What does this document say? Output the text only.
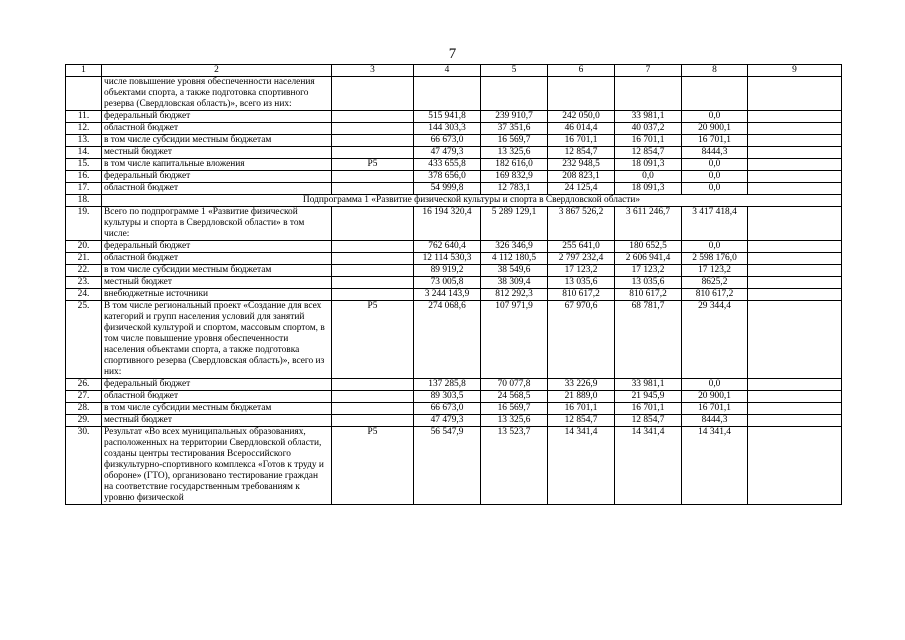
7
1	2	3	4	5	6	7	8	9
	числе повышение уровня обеспеченности населения объектами спорта, а также подготовка спортивного резерва (Свердловская область)», всего из них:							
11.	федеральный бюджет		515 941,8	239 910,7	242 050,0	33 981,1	0,0	
12.	областной бюджет		144 303,3	37 351,6	46 014,4	40 037,2	20 900,1	
13.	в том числе субсидии местным бюджетам		66 673,0	16 569,7	16 701,1	16 701,1	16 701,1	
14.	местный бюджет		47 479,3	13 325,6	12 854,7	12 854,7	8444,3	
15.	в том числе капитальные вложения	P5	433 655,8	182 616,0	232 948,5	18 091,3	0,0	
16.	федеральный бюджет		378 656,0	169 832,9	208 823,1	0,0	0,0	
17.	областной бюджет		54 999,8	12 783,1	24 125,4	18 091,3	0,0	
18.	Подпрограмма 1 «Развитие физической культуры и спорта в Свердловской области»							
19.	Всего по подпрограмме 1 «Развитие физической культуры и спорта в Свердловской области» в том числе:		16 194 320,4	5 289 129,1	3 867 526,2	3 611 246,7	3 417 418,4	
20.	федеральный бюджет		762 640,4	326 346,9	255 641,0	180 652,5	0,0	
21.	областной бюджет		12 114 530,3	4 112 180,5	2 797 232,4	2 606 941,4	2 598 176,0	
22.	в том числе субсидии местным бюджетам		89 919,2	38 549,6	17 123,2	17 123,2	17 123,2	
23.	местный бюджет		73 005,8	38 309,4	13 035,6	13 035,6	8625,2	
24.	внебюджетные источники		3 244 143,9	812 292,3	810 617,2	810 617,2	810 617,2	
25.	В том числе региональный проект «Создание для всех категорий и групп населения условий для занятий физической культурой и спортом, массовым спортом, в том числе повышение уровня обеспеченности населения объектами спорта, а также подготовка спортивного резерва (Свердловская область)», всего из них:	P5	274 068,6	107 971,9	67 970,6	68 781,7	29 344,4	
26.	федеральный бюджет		137 285,8	70 077,8	33 226,9	33 981,1	0,0	
27.	областной бюджет		89 303,5	24 568,5	21 889,0	21 945,9	20 900,1	
28.	в том числе субсидии местным бюджетам		66 673,0	16 569,7	16 701,1	16 701,1	16 701,1	
29.	местный бюджет		47 479,3	13 325,6	12 854,7	12 854,7	8444,3	
30.	Результат «Во всех муниципальных образованиях, расположенных на территории Свердловской области, созданы центры тестирования Всероссийского физкультурно-спортивного комплекса «Готов к труду и обороне» (ГТО), организовано тестирование граждан на соответствие государственным требованиям к уровню физической	P5	56 547,9	13 523,7	14 341,4	14 341,4	14 341,4	
